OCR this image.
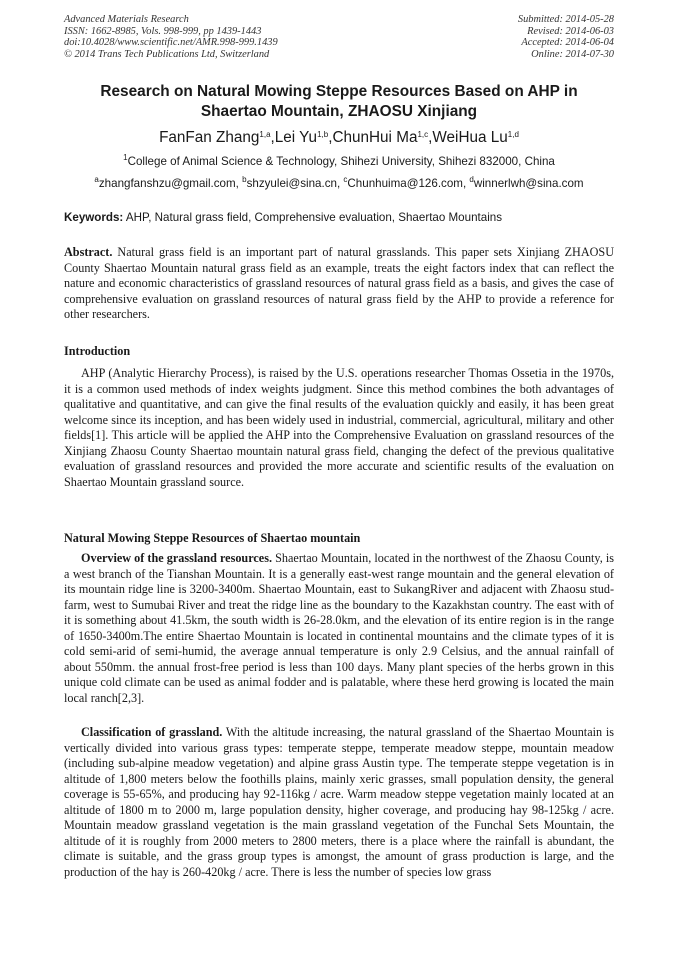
Advanced Materials Research
ISSN: 1662-8985, Vols. 998-999, pp 1439-1443
doi:10.4028/www.scientific.net/AMR.998-999.1439
© 2014 Trans Tech Publications Ltd, Switzerland
Submitted: 2014-05-28
Revised: 2014-06-03
Accepted: 2014-06-04
Online: 2014-07-30
Research on Natural Mowing Steppe Resources Based on AHP in
Shaertao Mountain, ZHAOSU Xinjiang
FanFan Zhang$^{1,a}$,Lei Yu$^{1,b}$,ChunHui Ma$^{1,c}$,WeiHua Lu$^{1,d}$
$^1$College of Animal Science & Technology, Shihezi University, Shihezi 832000, China
$^a$zhangfanshzu@gmail.com, $^b$shzyulei@sina.cn, $^c$Chunhuima@126.com, $^d$winnerlwh@sina.com
Keywords: AHP, Natural grass field, Comprehensive evaluation, Shaertao Mountains

Abstract. Natural grass field is an important part of natural grasslands. This paper sets Xinjiang ZHAOSU County Shaertao Mountain natural grass field as an example, treats the eight factors index that can reflect the nature and economic characteristics of grassland resources of natural grass field as a basis, and gives the case of comprehensive evaluation on grassland resources of natural grass field by the AHP to provide a reference for other researchers.

Introduction

AHP (Analytic Hierarchy Process), is raised by the U.S. operations researcher Thomas Ossetia in the 1970s, it is a common used methods of index weights judgment. Since this method combines the both advantages of qualitative and quantitative, and can give the final results of the evaluation quickly and easily, it has been great welcome since its inception, and has been widely used in industrial, commercial, agricultural, military and other fields[1]. This article will be applied the AHP into the Comprehensive Evaluation on grassland resources of the Xinjiang Zhaosu County Shaertao mountain natural grass field, changing the defect of the previous qualitative evaluation of grassland resources and provided the more accurate and scientific results of the evaluation on Shaertao Mountain grassland source.

Natural Mowing Steppe Resources of Shaertao mountain

Overview of the grassland resources. Shaertao Mountain, located in the northwest of the Zhaosu County, is a west branch of the Tianshan Mountain. It is a generally east-west range mountain and the general elevation of its mountain ridge line is 3200-3400m. Shaertao Mountain, east to SukangRiver and adjacent with Zhaosu stud-farm, west to Sumubai River and treat the ridge line as the boundary to the Kazakhstan country. The east with of it is something about 41.5km, the south width is 26-28.0km, and the elevation of its entire region is in the range of 1650-3400m.The entire Shaertao Mountain is located in continental mountains and the climate types of it is cold semi-arid of semi-humid, the average annual temperature is only 2.9 Celsius, and the annual rainfall of about 550mm. the annual frost-free period is less than 100 days. Many plant species of the herbs grown in this unique cold climate can be used as animal fodder and is palatable, where these herd growing is located the main local ranch[2,3].

Classification of grassland. With the altitude increasing, the natural grassland of the Shaertao Mountain is vertically divided into various grass types: temperate steppe, temperate meadow steppe, mountain meadow (including sub-alpine meadow vegetation) and alpine grass Austin type. The temperate steppe vegetation is in altitude of 1,800 meters below the foothills plains, mainly xeric grasses, small population density, the general coverage is 55-65%, and producing hay 92-116kg / acre. Warm meadow steppe vegetation mainly located at an altitude of 1800 m to 2000 m, large population density, higher coverage, and producing hay 98-125kg / acre. Mountain meadow grassland vegetation is the main grassland vegetation of the Funchal Sets Mountain, the altitude of it is roughly from 2000 meters to 2800 meters, there is a place where the rainfall is abundant, the climate is suitable, and the grass group types is amongst, the amount of grass production is large, and the production of the hay is 260-420kg / acre. There is less the number of species low grass
